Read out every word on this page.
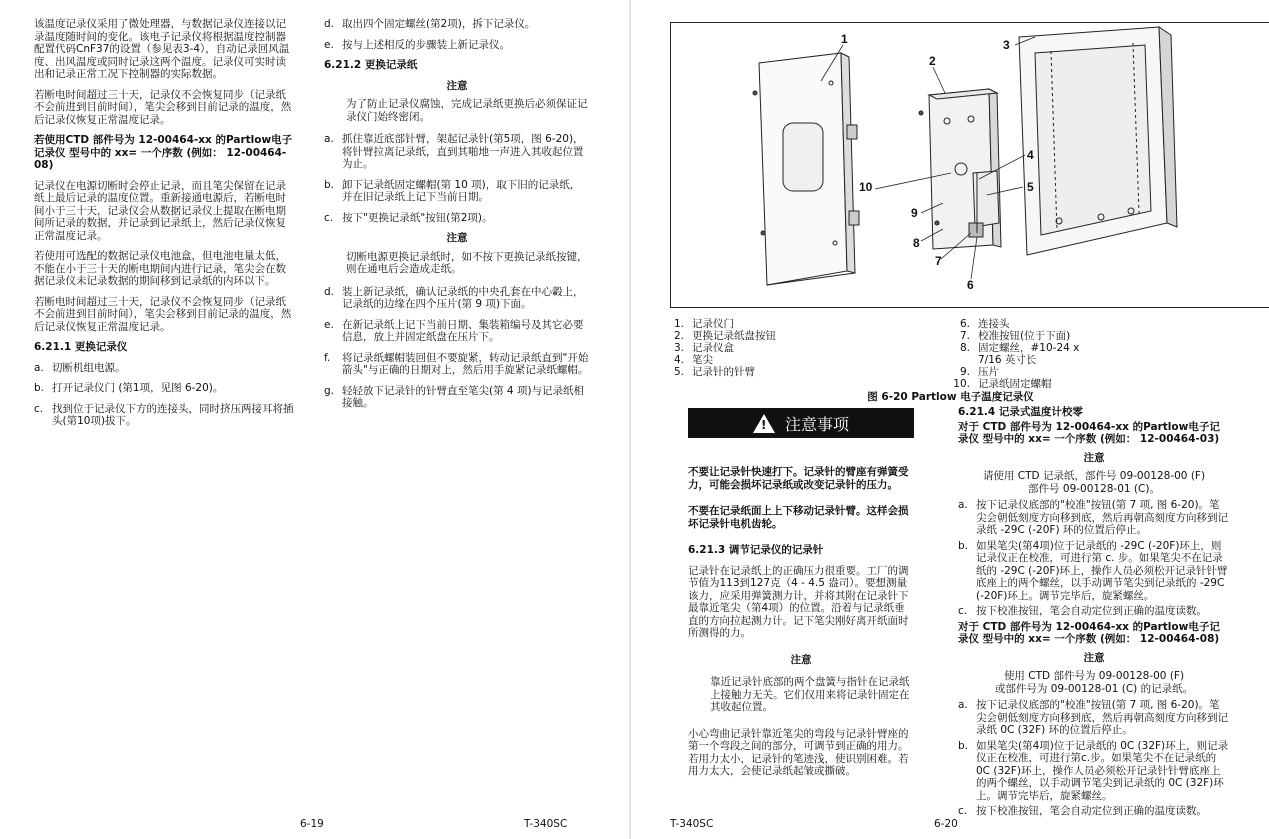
该温度记录仪采用了微处理器，与数据记录仪连接以记录温度随时间的变化。该电子记录仪将根据温度控制器配置代码CnF37的设置（参见表3-4），自动记录回风温度、出风温度或同时记录这两个温度。记录仪可实时读出和记录正常工况下控制器的实际数据。

若断电时间超过三十天，记录仪不会恢复同步（记录纸不会前进到目前时间），笔尖会移到目前记录的温度，然后记录仪恢复正常温度记录。

若使用CTD 部件号为 12-00464-xx 的Partlow电子记录仪 型号中的 xx= 一个序数 (例如： 12-00464-08)

记录仪在电源切断时会停止记录，而且笔尖保留在记录纸上最后记录的温度位置。重新接通电源后，若断电时间小于三十天，记录仪会从数据记录仪上提取在断电期间所记录的数据，并记录到记录纸上，然后记录仪恢复正常温度记录。

若使用可选配的数据记录仪电池盒，但电池电量太低，不能在小于三十天的断电期间内进行记录，笔尖会在数据记录仪未记录数据的期间移到记录纸的内环以下。

若断电时间超过三十天，记录仪不会恢复同步（记录纸不会前进到目前时间），笔尖会移到目前记录的温度，然后记录仪恢复正常温度记录。

6.21.1 更换记录仪
a. 切断机组电源。
b. 打开记录仪门 (第1项，见图 6-20)。
c. 找到位于记录仪下方的连接头，同时挤压两接耳将插头(第10项)拔下。
d. 取出四个固定螺丝(第2项)，拆下记录仪。
e. 按与上述相反的步骤装上新记录仪。
6.21.2 更换记录纸
注意
为了防止记录仪腐蚀，完成记录纸更换后必须保证记录仪门始终密闭。
a. 抓住靠近底部针臂，架起记录针(第5项，图 6-20)，将针臂拉离记录纸，直到其啪地一声进入其收起位置为止。
b. 卸下记录纸固定螺帽(第 10 项)，取下旧的记录纸，并在旧记录纸上记下当前日期。
c. 按下"更换记录纸"按钮(第2项)。
注意
切断电源更换记录纸时，如不按下更换记录纸按键，则在通电后会造成走纸。
d. 装上新记录纸，确认记录纸的中央孔套在中心轂上，记录纸的边缘在四个压片(第 9 项)下面。
e. 在新记录纸上记下当前日期、集装箱编号及其它必要信息，放上并固定纸盘在压片下。
f.	将记录纸螺帽装回但不要旋紧，转动记录纸直到"开始箭头"与正确的日期对上，然后用手旋紧记录纸螺帽。
g. 轻轻放下记录针的针臂直至笔尖(第 4 项)与记录纸相接触。
6-19	T-340SC
1
2
3
4
5
6
7
8
9
10
1. 记录仪门
2. 更换记录纸盘按钮
3. 记录仪盒
4. 笔尖
5. 记录针的针臂
6. 连接头
7. 校准按钮(位于下面)
8. 固定螺丝，#10-24 x
7/16 英寸长
9. 压片
10. 记录纸固定螺帽
图 6-20 Partlow 电子温度记录仪
! 注意事项

不要让记录针快速打下。记录针的臂座有弹簧受力，可能会损坏记录纸或改变记录针的压力。

不要在记录纸面上上下移动记录针臂。这样会损坏记录针电机齿轮。

6.21.3 调节记录仪的记录针

记录针在记录纸上的正确压力很重要。工厂的调节值为113到127克（4 - 4.5 盎司）。要想测量该力，应采用弹簧测力计，并将其附在记录针下最靠近笔尖（第4项）的位置。沿着与记录纸垂直的方向拉起测力计。记下笔尖刚好离开纸面时所测得的力。

注意
靠近记录针底部的两个盘簧与指针在记录纸上接触力无关。它们仅用来将记录针固定在其收起位置。

小心弯曲记录针靠近笔尖的弯段与记录针臂座的第一个弯段之间的部分，可调节到正确的用力。若用力太小，记录针的笔迹浅，使识别困难。若用力太大，会使记录纸起皱或撕破。

6.21.4 记录式温度计校零
对于 CTD 部件号为 12-00464-xx 的Partlow电子记录仪 型号中的 xx= 一个序数 (例如： 12-00464-03)
注意
请使用 CTD 记录纸，部件号 09-00128-00 (F)
部件号 09-00128-01 (C)。
a. 按下记录仪底部的"校准"按钮(第 7 项, 图 6-20)。笔尖会朝低刻度方向移到底，然后再朝高刻度方向移到记录纸 -29C (-20F) 环的位置后停止。
b. 如果笔尖(第4项)位于记录纸的 -29C (-20F)环上，则记录仪正在校准，可进行第 c. 步。如果笔尖不在记录纸的 -29C (-20F)环上，操作人员必须松开记录针针臂底座上的两个螺丝，以手动调节笔尖到记录纸的 -29C (-20F)环上。调节完毕后，旋紧螺丝。
c. 按下校准按钮，笔会自动定位到正确的温度读数。
对于 CTD 部件号为 12-00464-xx 的Partlow电子记录仪 型号中的 xx= 一个序数 (例如： 12-00464-08)
注意
使用 CTD 部件号为 09-00128-00 (F)
或部件号为 09-00128-01 (C) 的记录纸。
a. 按下记录仪底部的"校准"按钮(第 7 项, 图 6-20)。笔尖会朝低刻度方向移到底，然后再朝高刻度方向移到记录纸 0C (32F) 环的位置后停止。
b. 如果笔尖(第4项)位于记录纸的 0C (32F)环上，则记录仪正在校准，可进行第c.步。如果笔尖不在记录纸的 0C (32F)环上，操作人员必须松开记录针针臂底座上的两个螺丝，以手动调节笔尖到记录纸的 0C (32F)环上。调节完毕后，旋紧螺丝。
c. 按下校准按钮，笔会自动定位到正确的温度读数。
T-340SC	6-20
